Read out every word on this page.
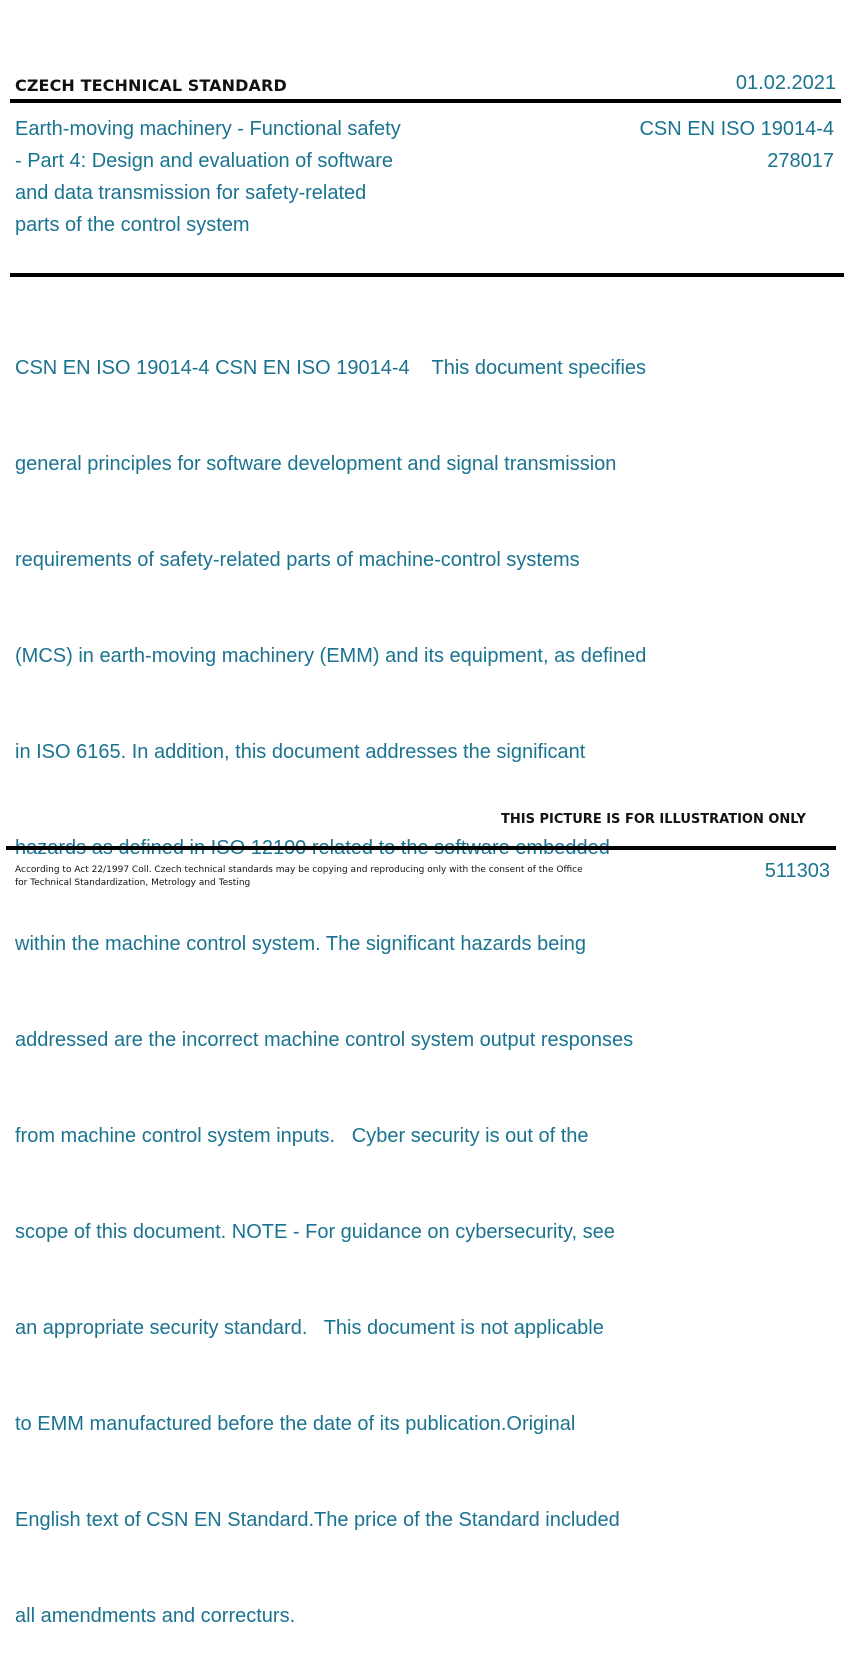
CZECH TECHNICAL STANDARD	01.02.2021
Earth-moving machinery - Functional safety
- Part 4: Design and evaluation of software
and data transmission for safety-related
parts of the control system
CSN EN ISO 19014-4
278017

CSN EN ISO 19014-4 CSN EN ISO 19014-4    This document specifies

general principles for software development and signal transmission

requirements of safety-related parts of machine-control systems

(MCS) in earth-moving machinery (EMM) and its equipment, as defined

in ISO 6165. In addition, this document addresses the significant

within the machine control system. The significant hazards being

addressed are the incorrect machine control system output responses

from machine control system inputs.   Cyber security is out of the

scope of this document. NOTE - For guidance on cybersecurity, see

an appropriate security standard.   This document is not applicable

to EMM manufactured before the date of its publication.Original

English text of CSN EN Standard.The price of the Standard included

all amendments and correcturs.

THIS PICTURE IS FOR ILLUSTRATION ONLY
According to Act 22/1997 Coll. Czech technical standards may be copying and reproducing only with the consent of the Office
for Technical Standardization, Metrology and Testing
511303
